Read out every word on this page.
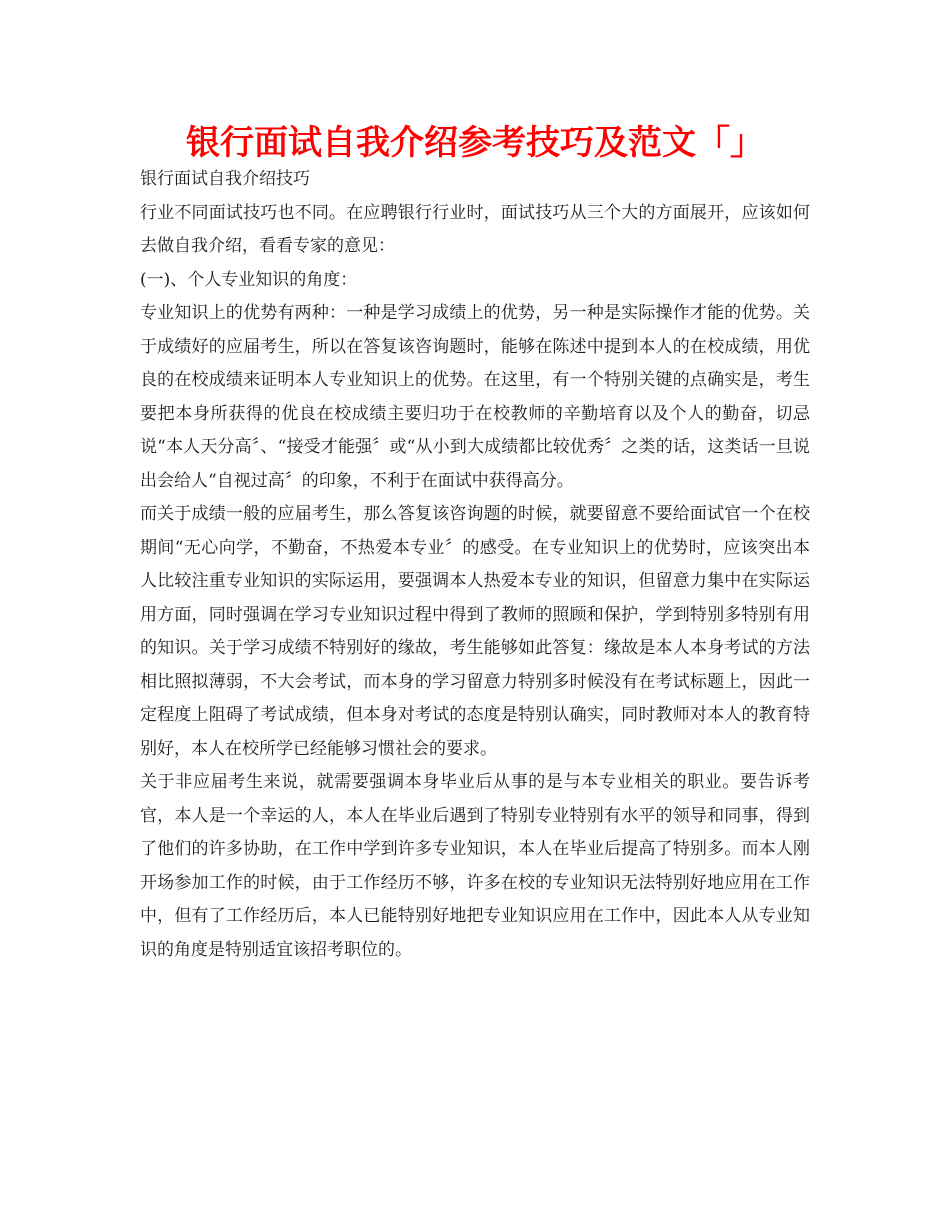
银行面试自我介绍参考技巧及范文「」

银行面试自我介绍技巧

行业不同面试技巧也不同。在应聘银行行业时，面试技巧从三个大的方面展开，应该如何去做自我介绍，看看专家的意见：

(一)、个人专业知识的角度：

专业知识上的优势有两种：一种是学习成绩上的优势，另一种是实际操作才能的优势。关于成绩好的应届考生，所以在答复该咨询题时，能够在陈述中提到本人的在校成绩，用优良的在校成绩来证明本人专业知识上的优势。在这里，有一个特别关键的点确实是，考生要把本身所获得的优良在校成绩主要归功于在校教师的辛勤培育以及个人的勤奋，切忌说“本人天分高〞、“接受才能强〞或“从小到大成绩都比较优秀〞之类的话，这类话一旦说出会给人“自视过高〞的印象，不利于在面试中获得高分。

而关于成绩一般的应届考生，那么答复该咨询题的时候，就要留意不要给面试官一个在校期间“无心向学，不勤奋，不热爱本专业〞的感受。在专业知识上的优势时，应该突出本人比较注重专业知识的实际运用，要强调本人热爱本专业的知识，但留意力集中在实际运用方面，同时强调在学习专业知识过程中得到了教师的照顾和保护，学到特别多特别有用的知识。关于学习成绩不特别好的缘故，考生能够如此答复：缘故是本人本身考试的方法相比照拟薄弱，不大会考试，而本身的学习留意力特别多时候没有在考试标题上，因此一定程度上阻碍了考试成绩，但本身对考试的态度是特别认确实，同时教师对本人的教育特别好，本人在校所学已经能够习惯社会的要求。

关于非应届考生来说，就需要强调本身毕业后从事的是与本专业相关的职业。要告诉考官，本人是一个幸运的人，本人在毕业后遇到了特别专业特别有水平的领导和同事，得到了他们的许多协助，在工作中学到许多专业知识，本人在毕业后提高了特别多。而本人刚开场参加工作的时候，由于工作经历不够，许多在校的专业知识无法特别好地应用在工作中，但有了工作经历后，本人已能特别好地把专业知识应用在工作中，因此本人从专业知识的角度是特别适宜该招考职位的。
